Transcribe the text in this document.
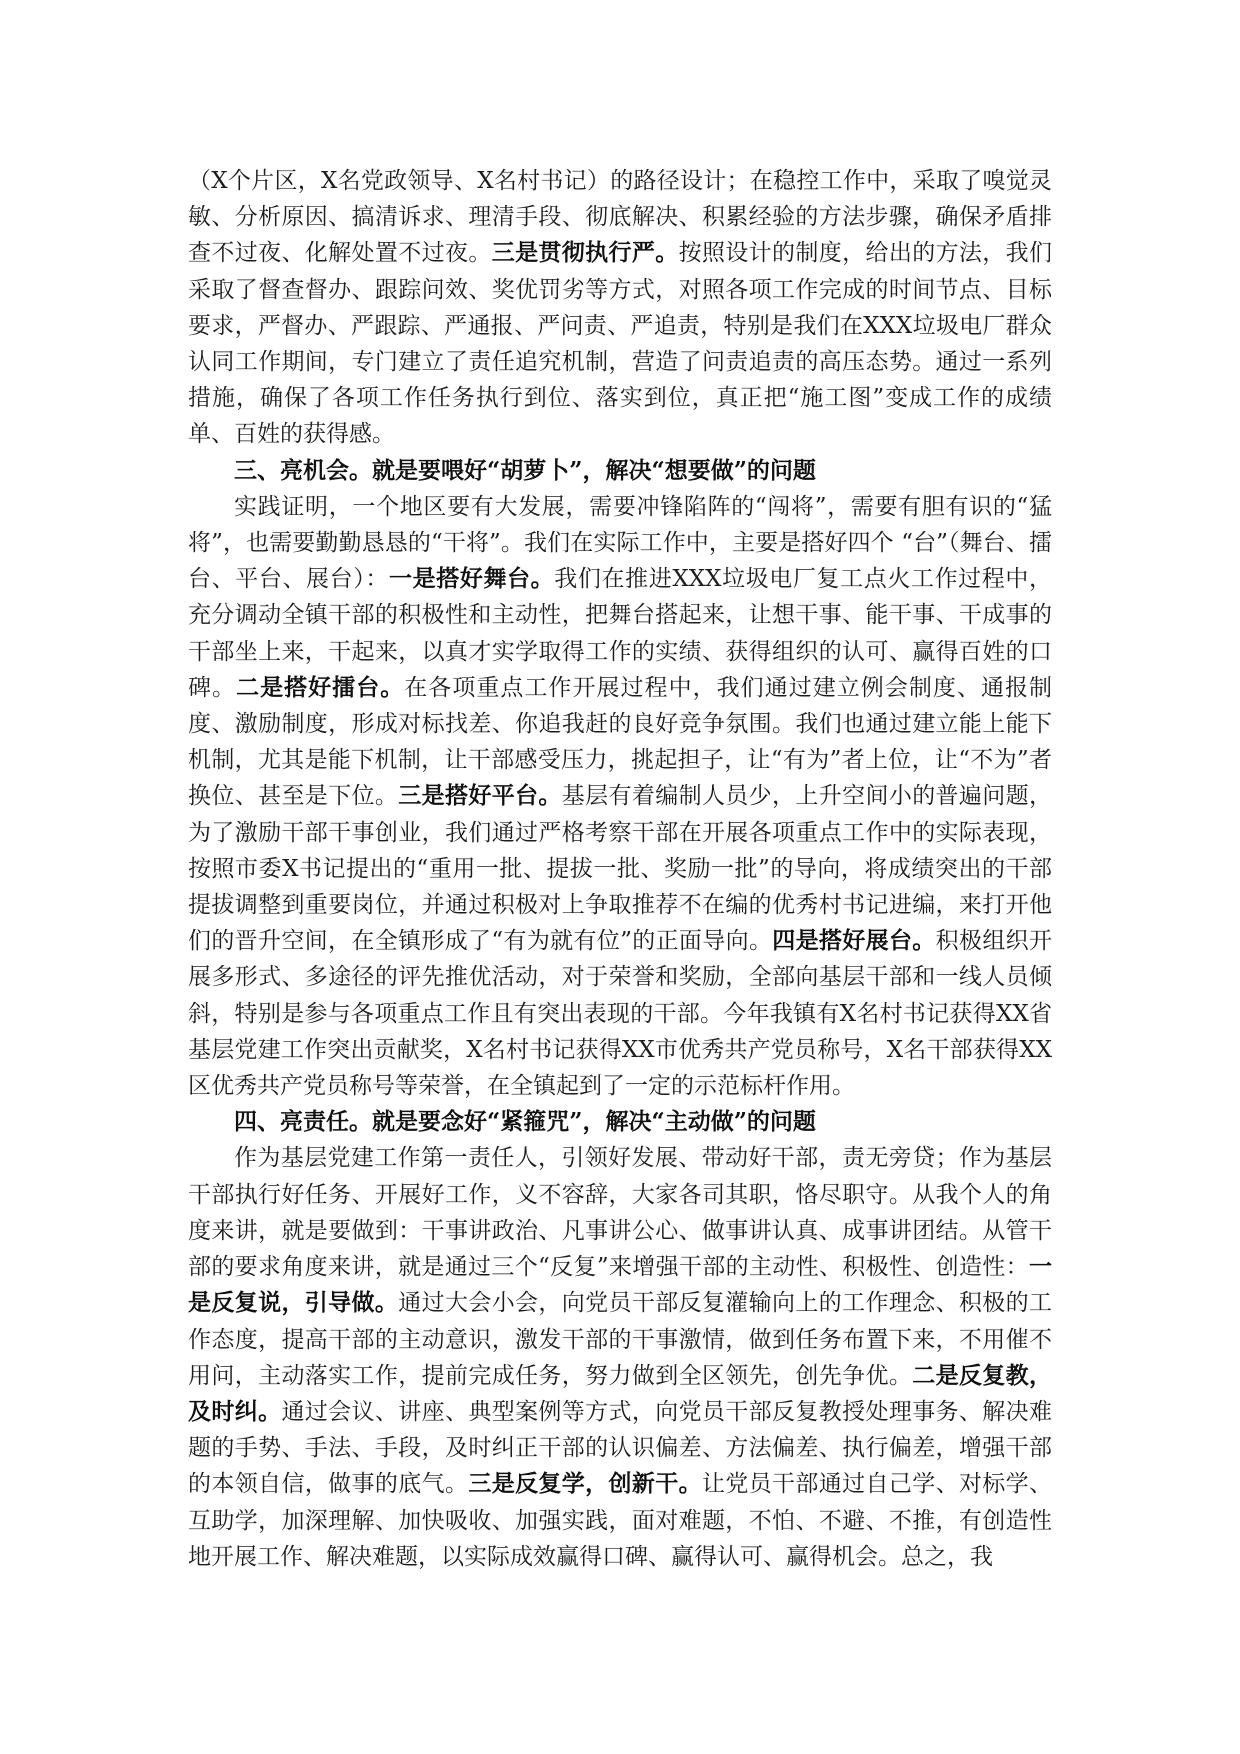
（X个片区，X名党政领导、X名村书记）的路径设计；在稳控工作中，采取了嗅觉灵敏、分析原因、搞清诉求、理清手段、彻底解决、积累经验的方法步骤，确保矛盾排查不过夜、化解处置不过夜。三是贯彻执行严。按照设计的制度，给出的方法，我们采取了督查督办、跟踪问效、奖优罚劣等方式，对照各项工作完成的时间节点、目标要求，严督办、严跟踪、严通报、严问责、严追责，特别是我们在XXX垃圾电厂群众认同工作期间，专门建立了责任追究机制，营造了问责追责的高压态势。通过一系列措施，确保了各项工作任务执行到位、落实到位，真正把“施工图”变成工作的成绩单、百姓的获得感。

三、亮机会。就是要喂好“胡萝卜”，解决“想要做”的问题

实践证明，一个地区要有大发展，需要冲锋陷阵的“闯将”，需要有胆有识的“猛将”，也需要勤勤恳恳的“干将”。我们在实际工作中，主要是搭好四个 “台”（舞台、擂台、平台、展台）：一是搭好舞台。我们在推进XXX垃圾电厂复工点火工作过程中，充分调动全镇干部的积极性和主动性，把舞台搭起来，让想干事、能干事、干成事的干部坐上来，干起来，以真才实学取得工作的实绩、获得组织的认可、赢得百姓的口碑。二是搭好擂台。在各项重点工作开展过程中，我们通过建立例会制度、通报制度、激励制度，形成对标找差、你追我赶的良好竞争氛围。我们也通过建立能上能下机制，尤其是能下机制，让干部感受压力，挑起担子，让“有为”者上位，让“不为”者换位、甚至是下位。三是搭好平台。基层有着编制人员少，上升空间小的普遍问题，为了激励干部干事创业，我们通过严格考察干部在开展各项重点工作中的实际表现，按照市委X书记提出的“重用一批、提拔一批、奖励一批”的导向，将成绩突出的干部提拔调整到重要岗位，并通过积极对上争取推荐不在编的优秀村书记进编，来打开他们的晋升空间，在全镇形成了“有为就有位”的正面导向。四是搭好展台。积极组织开展多形式、多途径的评先推优活动，对于荣誉和奖励，全部向基层干部和一线人员倾斜，特别是参与各项重点工作且有突出表现的干部。今年我镇有X名村书记获得XX省基层党建工作突出贡献奖，X名村书记获得XX市优秀共产党员称号，X名干部获得XX区优秀共产党员称号等荣誉，在全镇起到了一定的示范标杆作用。

四、亮责任。就是要念好“紧箍咒”，解决“主动做”的问题

作为基层党建工作第一责任人，引领好发展、带动好干部，责无旁贷；作为基层干部执行好任务、开展好工作，义不容辞，大家各司其职，恪尽职守。从我个人的角度来讲，就是要做到：干事讲政治、凡事讲公心、做事讲认真、成事讲团结。从管干部的要求角度来讲，就是通过三个“反复”来增强干部的主动性、积极性、创造性：一是反复说，引导做。通过大会小会，向党员干部反复灌输向上的工作理念、积极的工作态度，提高干部的主动意识，激发干部的干事激情，做到任务布置下来，不用催不用问，主动落实工作，提前完成任务，努力做到全区领先，创先争优。二是反复教，及时纠。通过会议、讲座、典型案例等方式，向党员干部反复教授处理事务、解决难题的手势、手法、手段，及时纠正干部的认识偏差、方法偏差、执行偏差，增强干部的本领自信，做事的底气。三是反复学，创新干。让党员干部通过自己学、对标学、互助学，加深理解、加快吸收、加强实践，面对难题，不怕、不避、不推，有创造性地开展工作、解决难题，以实际成效赢得口碑、赢得认可、赢得机会。总之，我
